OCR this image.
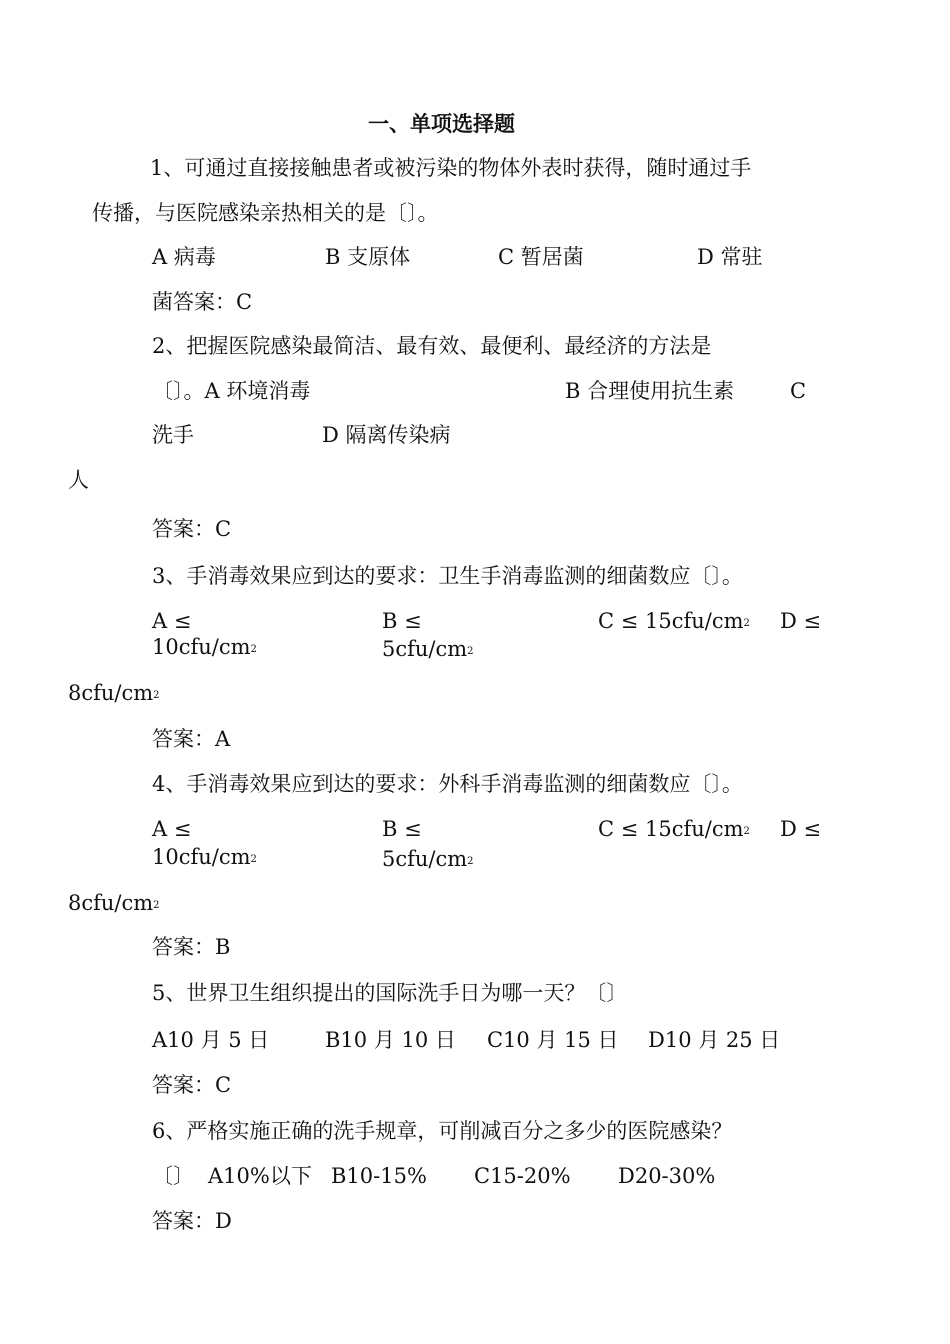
一、单项选择题
1、可通过直接接触患者或被污染的物体外表时获得，随时通过手
传播，与医院感染亲热相关的是〔〕。
A 病毒	B 支原体	C 暂居菌	D 常驻
菌答案：C
2、把握医院感染最简洁、最有效、最便利、最经济的方法是
〔〕。A 环境消毒	B 合理使用抗生素	C
洗手	D 隔离传染病
人
答案：C
3、手消毒效果应到达的要求：卫生手消毒监测的细菌数应〔〕。
A ≤
$10cfu/cm_2$
B ≤
$5cfu/cm_2$
$C \le 15cfu/cm_2$ D ≤
$8cfu/cm_2$
答案：A
4、手消毒效果应到达的要求：外科手消毒监测的细菌数应〔〕。
A ≤
$10cfu/cm_2$
B ≤
$5cfu/cm_2$
$C \le 15cfu/cm_2$ D ≤
$8cfu/cm_2$
答案：B
5、世界卫生组织提出的国际洗手日为哪一天？〔〕
A10 月 5 日	B10 月 10 日 C10 月 15 日 D10 月 25 日
答案：C
6、严格实施正确的洗手规章，可削减百分之多少的医院感染？
〔〕 A10%以下 B10-15% C15-20% D20-30%
答案：D
